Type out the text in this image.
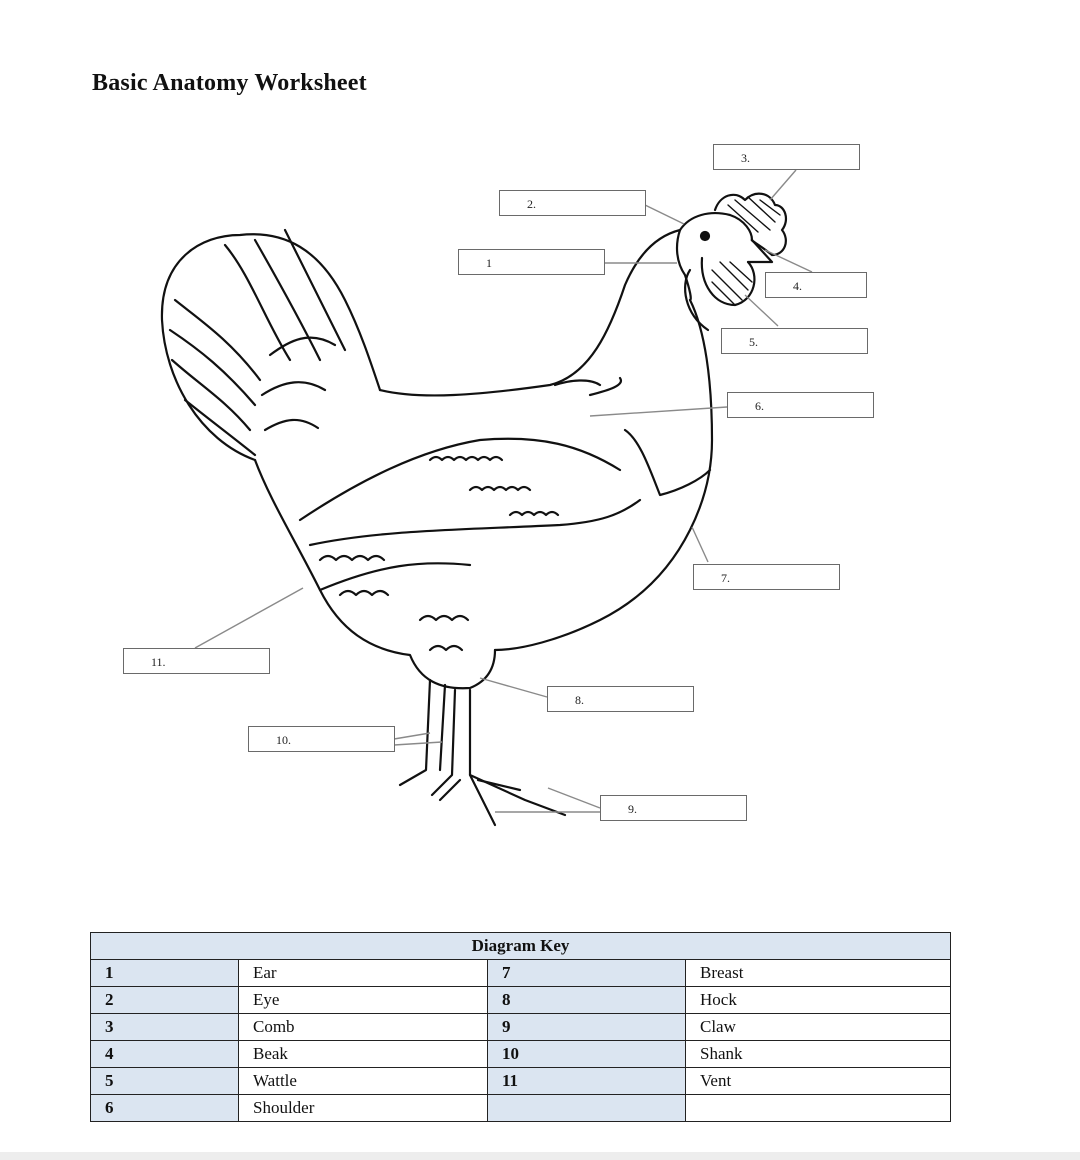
Basic Anatomy Worksheet
1
2.
3.
4.
5.
6.
7.
8.
9.
10.
11.
Diagram Key			
1	Ear	7	Breast
2	Eye	8	Hock
3	Comb	9	Claw
4	Beak	10	Shank
5	Wattle	11	Vent
6	Shoulder		
